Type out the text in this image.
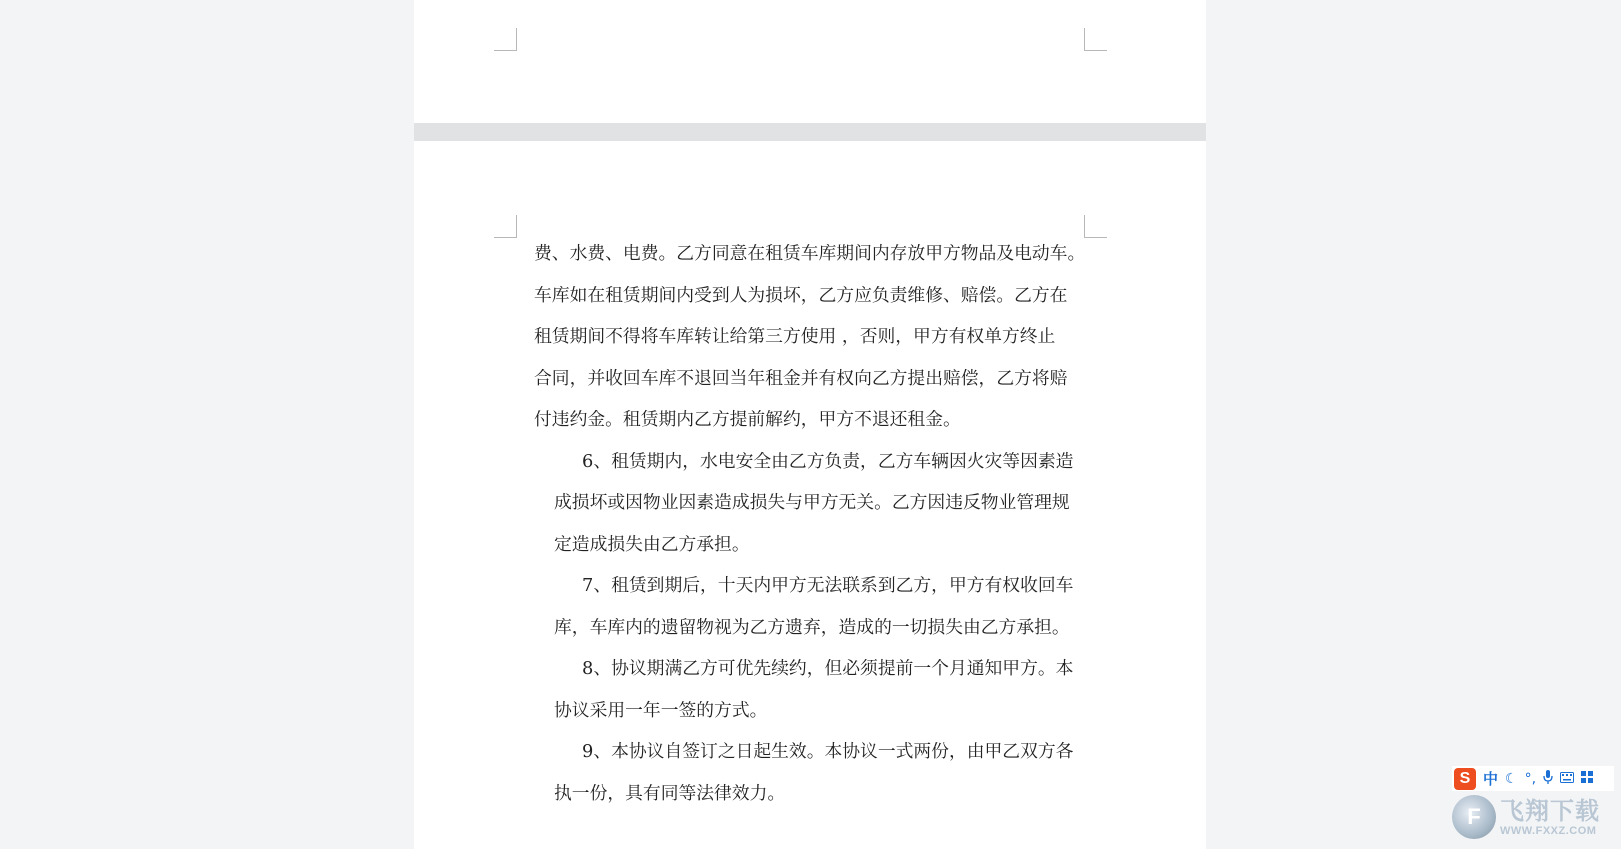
费、水费、电费。乙方同意在租赁车库期间内存放甲方物品及电动车。
车库如在租赁期间内受到人为损坏，乙方应负责维修、赔偿。乙方在
租赁期间不得将车库转让给第三方使用 ，否则，甲方有权单方终止
合同，并收回车库不退回当年租金并有权向乙方提出赔偿，乙方将赔
付违约金。租赁期内乙方提前解约，甲方不退还租金。
6、租赁期内，水电安全由乙方负责，乙方车辆因火灾等因素造
成损坏或因物业因素造成损失与甲方无关。乙方因违反物业管理规
定造成损失由乙方承担。
7、租赁到期后，十天内甲方无法联系到乙方，甲方有权收回车
库，车库内的遗留物视为乙方遗弃，造成的一切损失由乙方承担。
8、协议期满乙方可优先续约，但必须提前一个月通知甲方。本
协议采用一年一签的方式。
9、本协议自签订之日起生效。本协议一式两份，由甲乙双方各
执一份，具有同等法律效力。
S 中 ☾ °,
F 飞翔下载
WWW.FXXZ.COM
